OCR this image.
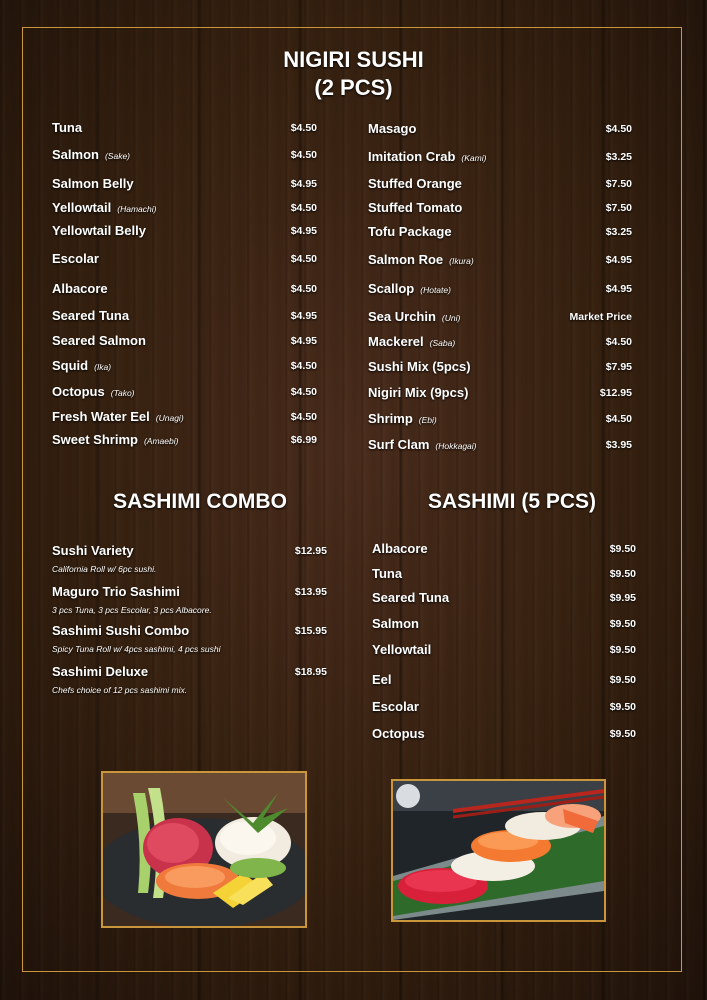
NIGIRI SUSHI
(2 PCS)
Tuna	$4.50
Salmon (Sake)	$4.50
Salmon Belly	$4.95
Yellowtail (Hamachi)	$4.50
Yellowtail Belly	$4.95
Escolar	$4.50
Albacore	$4.50
Seared Tuna	$4.95
Seared Salmon	$4.95
Squid (Ika)	$4.50
Octopus (Tako)	$4.50
Fresh Water Eel (Unagi)	$4.50
Sweet Shrimp (Amaebi)	$6.99
Masago	$4.50
Imitation Crab (Kami)	$3.25
Stuffed Orange	$7.50
Stuffed Tomato	$7.50
Tofu Package	$3.25
Salmon Roe (Ikura)	$4.95
Scallop (Hotate)	$4.95
Sea Urchin (Uni)	Market Price
Mackerel (Saba)	$4.50
Sushi Mix (5pcs)	$7.95
Nigiri Mix (9pcs)	$12.95
Shrimp (Ebi)	$4.50
Surf Clam (Hokkagai)	$3.95
SASHIMI COMBO	SASHIMI (5 PCS)
Sushi Variety	$12.95
California Roll w/ 6pc sushi.
Maguro Trio Sashimi	$13.95
3 pcs Tuna, 3 pcs Escolar, 3 pcs Albacore.
Sashimi Sushi Combo	$15.95
Spicy Tuna Roll w/ 4pcs sashimi, 4 pcs sushi
Sashimi Deluxe	$18.95
Chefs choice of 12 pcs sashimi mix.
Albacore	$9.50
Tuna	$9.50
Seared Tuna	$9.95
Salmon	$9.50
Yellowtail	$9.50
Eel	$9.50
Escolar	$9.50
Octopus	$9.50
